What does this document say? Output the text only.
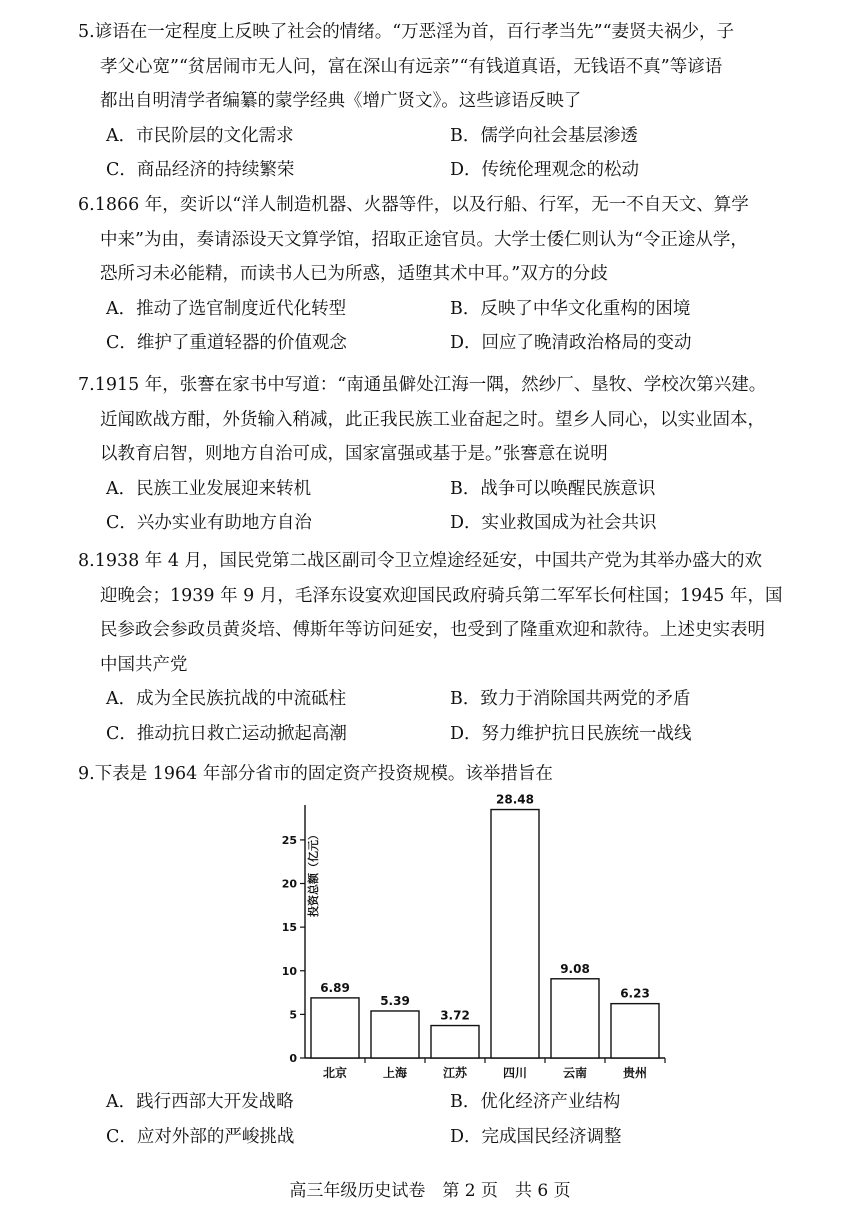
5.谚语在一定程度上反映了社会的情绪。“万恶淫为首，百行孝当先”“妻贤夫祸少，子

孝父心宽”“贫居闹市无人问，富在深山有远亲”“有钱道真语，无钱语不真”等谚语

都出自明清学者编纂的蒙学经典《增广贤文》。这些谚语反映了

A．市民阶层的文化需求	B．儒学向社会基层渗透
C．商品经济的持续繁荣	D．传统伦理观念的松动

6.1866 年，奕䜣以“洋人制造机器、火器等件，以及行船、行军，无一不自天文、算学

中来”为由，奏请添设天文算学馆，招取正途官员。大学士倭仁则认为“令正途从学，

恐所习未必能精，而读书人已为所惑，适堕其术中耳。”双方的分歧

A．推动了选官制度近代化转型	B．反映了中华文化重构的困境
C．维护了重道轻器的价值观念	D．回应了晚清政治格局的变动

7.1915 年，张謇在家书中写道：“南通虽僻处江海一隅，然纱厂、垦牧、学校次第兴建。

近闻欧战方酣，外货输入稍减，此正我民族工业奋起之时。望乡人同心，以实业固本，

以教育启智，则地方自治可成，国家富强或基于是。”张謇意在说明

A．民族工业发展迎来转机	B．战争可以唤醒民族意识
C．兴办实业有助地方自治	D．实业救国成为社会共识

8.1938 年 4 月，国民党第二战区副司令卫立煌途经延安，中国共产党为其举办盛大的欢

迎晚会；1939 年 9 月，毛泽东设宴欢迎国民政府骑兵第二军军长何柱国；1945 年，国

民参政会参政员黄炎培、傅斯年等访问延安，也受到了隆重欢迎和款待。上述史实表明

中国共产党

A．成为全民族抗战的中流砥柱	B．致力于消除国共两党的矛盾
C．推动抗日救亡运动掀起高潮	D．努力维护抗日民族统一战线

9.下表是 1964 年部分省市的固定资产投资规模。该举措旨在

0
5
10
15
20
25 投资总额（亿元）
6.89
北京
5.39
上海
3.72
江苏
28.48
四川
9.08
云南
6.23
贵州
A．践行西部大开发战略	B．优化经济产业结构
C．应对外部的严峻挑战	D．完成国民经济调整
高三年级历史试卷　第 2 页　共 6 页
